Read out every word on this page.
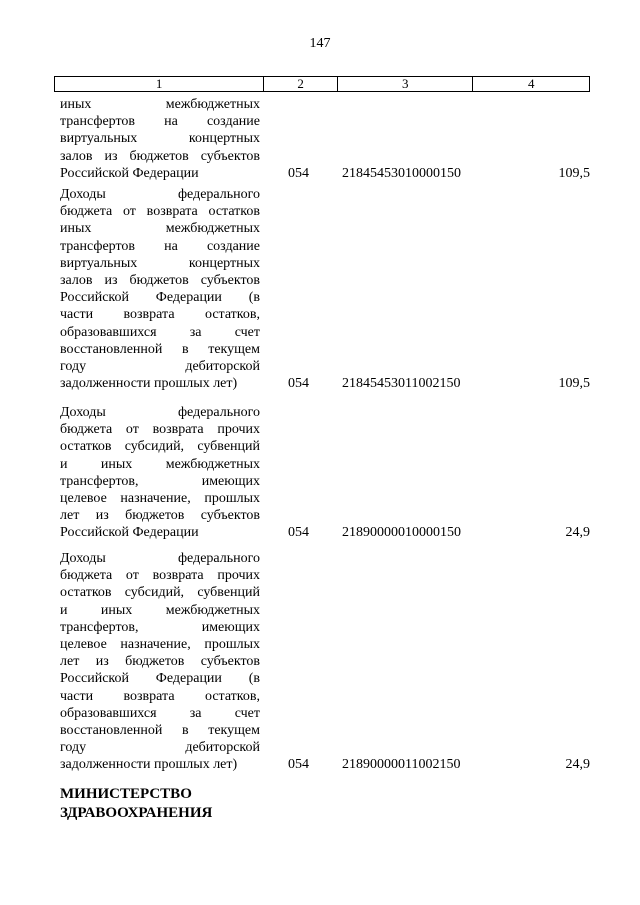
147
1	2	3	4
иных межбюджетных
трансфертов на создание
виртуальных концертных
залов из бюджетов субъектов
Российской Федерации	054 21845453010000150	109,5
Доходы федерального
бюджета от возврата остатков
иных межбюджетных
трансфертов на создание
виртуальных концертных
залов из бюджетов субъектов
Российской Федерации (в
части возврата остатков,
образовавшихся за счет
восстановленной в текущем
году дебиторской
задолженности прошлых лет)	054 21845453011002150	109,5
Доходы федерального
бюджета от возврата прочих
остатков субсидий, субвенций
и иных межбюджетных
трансфертов, имеющих
целевое назначение, прошлых
лет из бюджетов субъектов
Российской Федерации	054 21890000010000150	24,9
Доходы федерального
бюджета от возврата прочих
остатков субсидий, субвенций
и иных межбюджетных
трансфертов, имеющих
целевое назначение, прошлых
лет из бюджетов субъектов
Российской Федерации (в
части возврата остатков,
образовавшихся за счет
восстановленной в текущем
году дебиторской
задолженности прошлых лет)	054 21890000011002150	24,9
МИНИСТЕРСТВО
ЗДРАВООХРАНЕНИЯ
